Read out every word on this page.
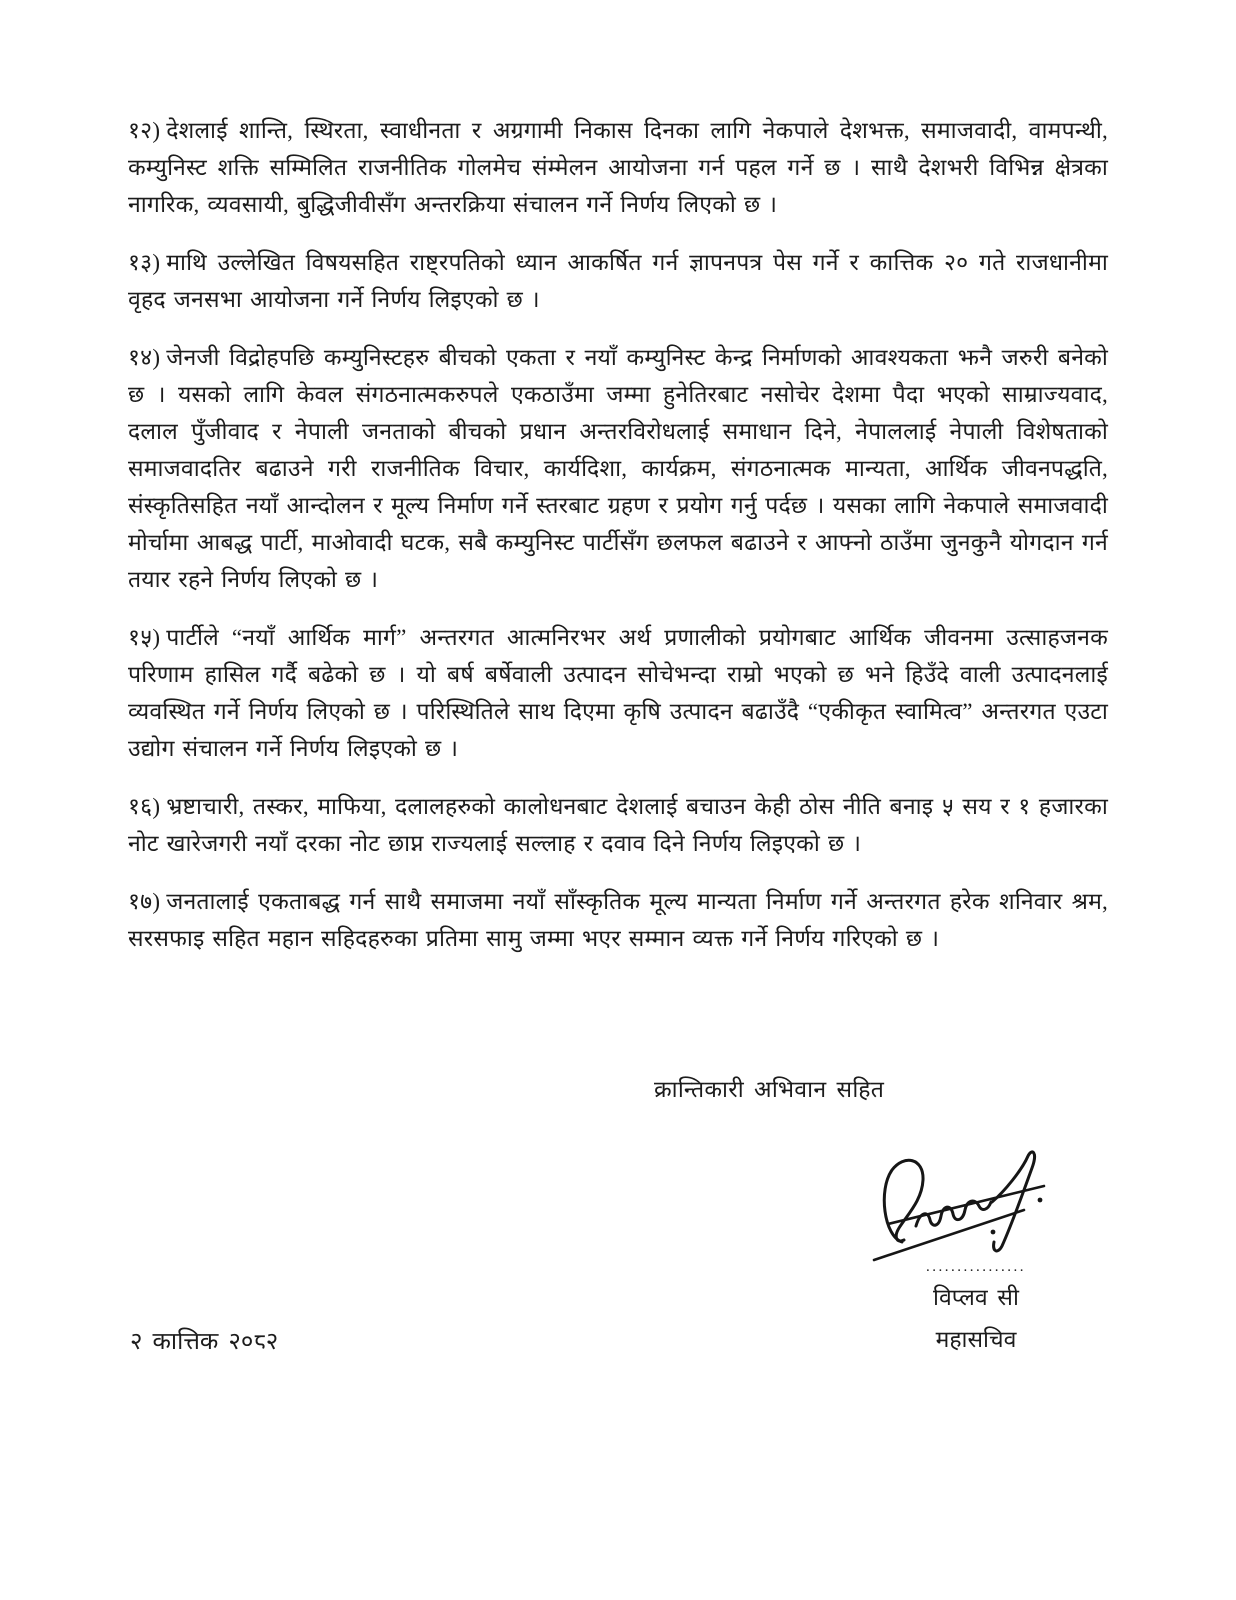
१२) देशलाई शान्ति, स्थिरता, स्वाधीनता र अग्रगामी निकास दिनका लागि नेकपाले देशभक्त, समाजवादी, वामपन्थी, कम्युनिस्ट शक्ति सम्मिलित राजनीतिक गोलमेच संम्मेलन आयोजना गर्न पहल गर्ने छ । साथै देशभरी विभिन्न क्षेत्रका नागरिक, व्यवसायी, बुद्धिजीवीसँग अन्तरक्रिया संचालन गर्ने निर्णय लिएको छ ।

१३) माथि उल्लेखित विषयसहित राष्ट्रपतिको ध्यान आकर्षित गर्न ज्ञापनपत्र पेस गर्ने र कात्तिक २० गते राजधानीमा वृहद जनसभा आयोजना गर्ने निर्णय लिइएको छ ।

१४) जेनजी विद्रोहपछि कम्युनिस्टहरु बीचको एकता र नयाँ कम्युनिस्ट केन्द्र निर्माणको आवश्यकता झनै जरुरी बनेको छ । यसको लागि केवल संगठनात्मकरुपले एकठाउँमा जम्मा हुनेतिरबाट नसोचेर देशमा पैदा भएको साम्राज्यवाद, दलाल पुँजीवाद र नेपाली जनताको बीचको प्रधान अन्तरविरोधलाई समाधान दिने, नेपाललाई नेपाली विशेषताको समाजवादतिर बढाउने गरी राजनीतिक विचार, कार्यदिशा, कार्यक्रम, संगठनात्मक मान्यता, आर्थिक जीवनपद्धति, संस्कृतिसहित नयाँ आन्दोलन र मूल्य निर्माण गर्ने स्तरबाट ग्रहण र प्रयोग गर्नु पर्दछ । यसका लागि नेकपाले समाजवादी मोर्चामा आबद्ध पार्टी, माओवादी घटक, सबै कम्युनिस्ट पार्टीसँग छलफल बढाउने र आफ्नो ठाउँमा जुनकुनै योगदान गर्न तयार रहने निर्णय लिएको छ ।

१५) पार्टीले “नयाँ आर्थिक मार्ग” अन्तरगत आत्मनिरभर अर्थ प्रणालीको प्रयोगबाट आर्थिक जीवनमा उत्साहजनक परिणाम हासिल गर्दै बढेको छ । यो बर्ष बर्षेवाली उत्पादन सोचेभन्दा राम्रो भएको छ भने हिउँदे वाली उत्पादनलाई व्यवस्थित गर्ने निर्णय लिएको छ । परिस्थितिले साथ दिएमा कृषि उत्पादन बढाउँदै “एकीकृत स्वामित्व” अन्तरगत एउटा उद्योग संचालन गर्ने निर्णय लिइएको छ ।

१६) भ्रष्टाचारी, तस्कर, माफिया, दलालहरुको कालोधनबाट देशलाई बचाउन केही ठोस नीति बनाइ ५ सय र १ हजारका नोट खारेजगरी नयाँ दरका नोट छाप्न राज्यलाई सल्लाह र दवाव दिने निर्णय लिइएको छ ।

१७) जनतालाई एकताबद्ध गर्न साथै समाजमा नयाँ साँस्कृतिक मूल्य मान्यता निर्माण गर्ने अन्तरगत हरेक शनिवार श्रम, सरसफाइ सहित महान सहिदहरुका प्रतिमा सामु जम्मा भएर सम्मान व्यक्त गर्ने निर्णय गरिएको छ ।

क्रान्तिकारी अभिवान सहित
................
विप्लव सी
महासचिव
२ कात्तिक २०८२
